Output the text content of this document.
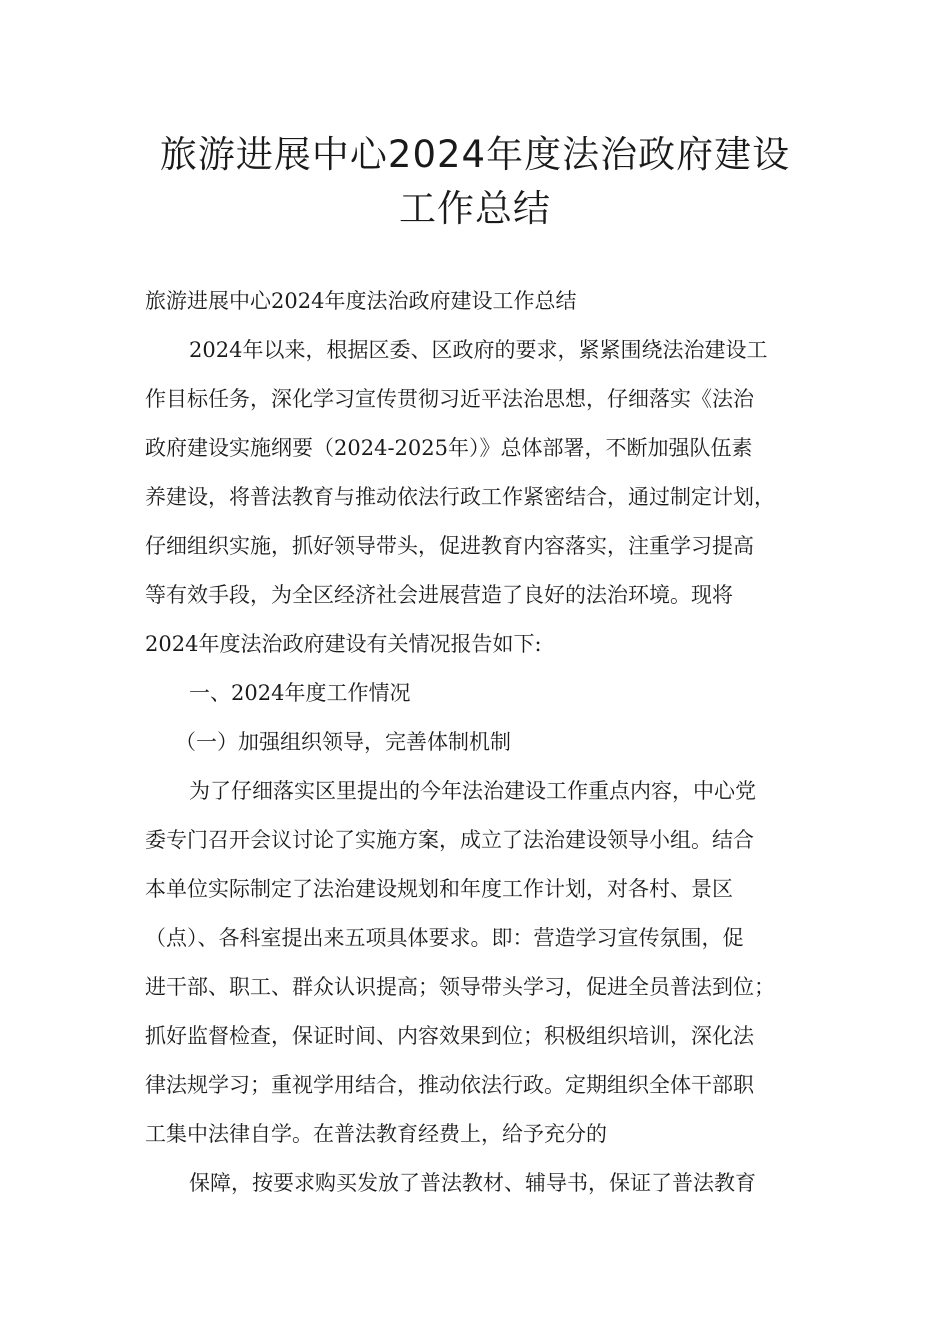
旅游进展中心2024年度法治政府建设
工作总结
旅游进展中心2024年度法治政府建设工作总结
2024年以来，根据区委、区政府的要求，紧紧围绕法治建设工
作目标任务，深化学习宣传贯彻习近平法治思想，仔细落实《法治
政府建设实施纲要（2024-2025年）》总体部署，不断加强队伍素
养建设，将普法教育与推动依法行政工作紧密结合，通过制定计划，
仔细组织实施，抓好领导带头，促进教育内容落实，注重学习提高
等有效手段，为全区经济社会进展营造了良好的法治环境。现将
2024年度法治政府建设有关情况报告如下:
一、2024年度工作情况
（一）加强组织领导，完善体制机制
为了仔细落实区里提出的今年法治建设工作重点内容，中心党
委专门召开会议讨论了实施方案，成立了法治建设领导小组。结合
本单位实际制定了法治建设规划和年度工作计划，对各村、景区
（点）、各科室提出来五项具体要求。即：营造学习宣传氛围，促
进干部、职工、群众认识提高；领导带头学习，促进全员普法到位；
抓好监督检查，保证时间、内容效果到位；积极组织培训，深化法
律法规学习；重视学用结合，推动依法行政。定期组织全体干部职
工集中法律自学。在普法教育经费上，给予充分的
保障，按要求购买发放了普法教材、辅导书，保证了普法教育
